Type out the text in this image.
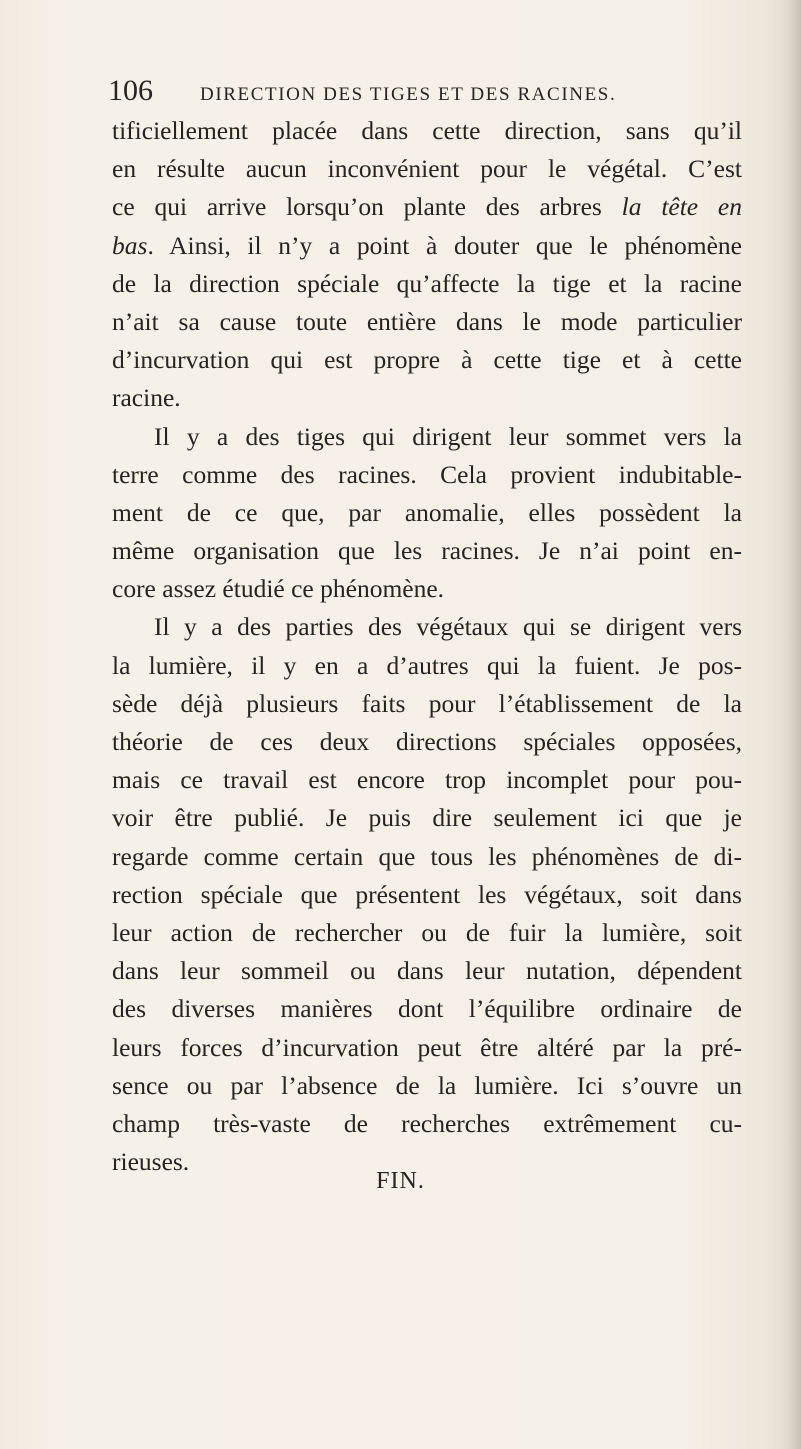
106 DIRECTION DES TIGES ET DES RACINES.
tificiellement placée dans cette direction, sans qu’il
en résulte aucun inconvénient pour le végétal. C’est
ce qui arrive lorsqu’on plante des arbres la tête en
bas. Ainsi, il n’y a point à douter que le phénomène
de la direction spéciale qu’affecte la tige et la racine
n’ait sa cause toute entière dans le mode particulier
d’incurvation qui est propre à cette tige et à cette
racine.
Il y a des tiges qui dirigent leur sommet vers la
terre comme des racines. Cela provient indubitable-
ment de ce que, par anomalie, elles possèdent la
même organisation que les racines. Je n’ai point en-
core assez étudié ce phénomène.
Il y a des parties des végétaux qui se dirigent vers
la lumière, il y en a d’autres qui la fuient. Je pos-
sède déjà plusieurs faits pour l’établissement de la
théorie de ces deux directions spéciales opposées,
mais ce travail est encore trop incomplet pour pou-
voir être publié. Je puis dire seulement ici que je
regarde comme certain que tous les phénomènes de di-
rection spéciale que présentent les végétaux, soit dans
leur action de rechercher ou de fuir la lumière, soit
dans leur sommeil ou dans leur nutation, dépendent
des diverses manières dont l’équilibre ordinaire de
leurs forces d’incurvation peut être altéré par la pré-
sence ou par l’absence de la lumière. Ici s’ouvre un
champ très-vaste de recherches extrêmement cu-
rieuses.
FIN.
